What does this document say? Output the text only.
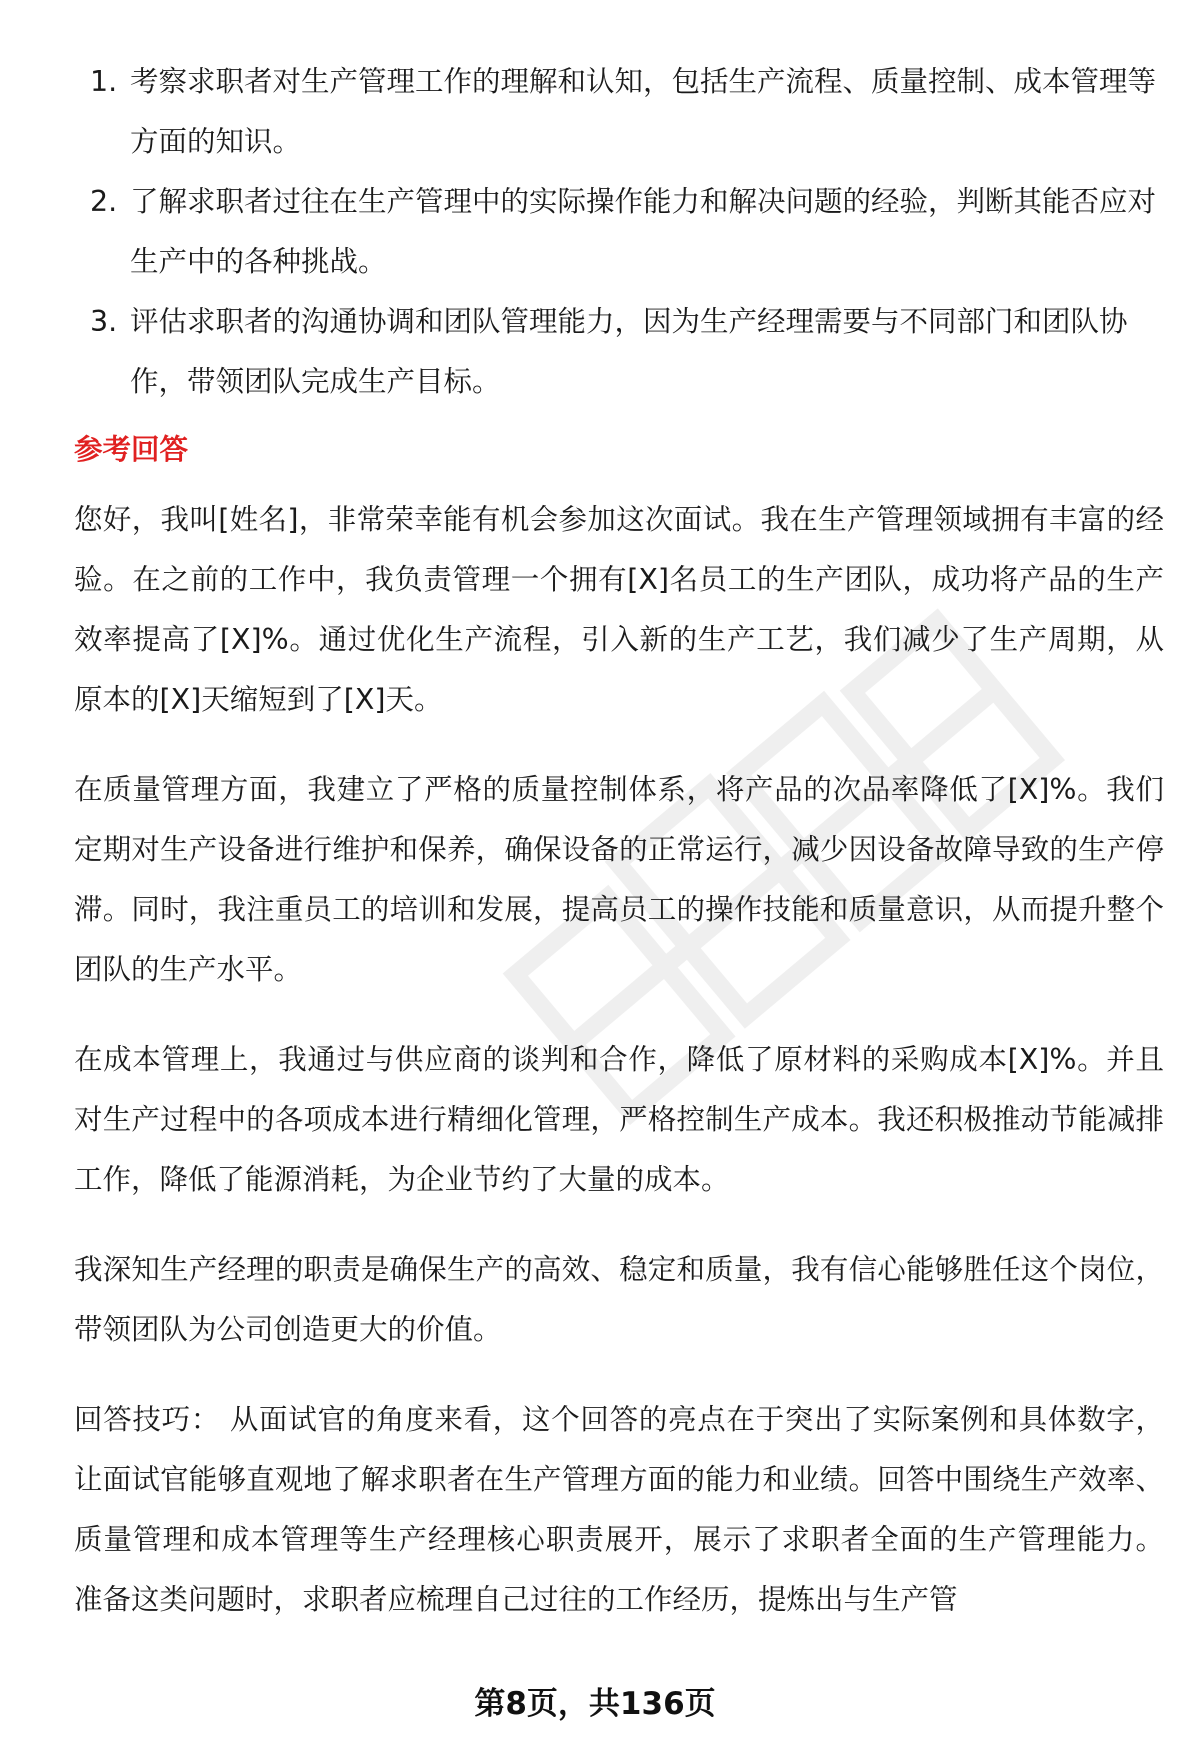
1. 考察求职者对生产管理工作的理解和认知，包括生产流程、质量控制、成本管理等方面的知识。
2. 了解求职者过往在生产管理中的实际操作能力和解决问题的经验，判断其能否应对生产中的各种挑战。
3. 评估求职者的沟通协调和团队管理能力，因为生产经理需要与不同部门和团队协作，带领团队完成生产目标。
参考回答

您好，我叫[姓名]，非常荣幸能有机会参加这次面试。我在生产管理领域拥有丰富的经验。在之前的工作中，我负责管理一个拥有[X]名员工的生产团队，成功将产品的生产效率提高了[X]%。通过优化生产流程，引入新的生产工艺，我们减少了生产周期，从原本的[X]天缩短到了[X]天。

在质量管理方面，我建立了严格的质量控制体系，将产品的次品率降低了[X]%。我们定期对生产设备进行维护和保养，确保设备的正常运行，减少因设备故障导致的生产停滞。同时，我注重员工的培训和发展，提高员工的操作技能和质量意识，从而提升整个团队的生产水平。

在成本管理上，我通过与供应商的谈判和合作，降低了原材料的采购成本[X]%。并且对生产过程中的各项成本进行精细化管理，严格控制生产成本。我还积极推动节能减排工作，降低了能源消耗，为企业节约了大量的成本。

我深知生产经理的职责是确保生产的高效、稳定和质量，我有信心能够胜任这个岗位，带领团队为公司创造更大的价值。

回答技巧： 从面试官的角度来看，这个回答的亮点在于突出了实际案例和具体数字，让面试官能够直观地了解求职者在生产管理方面的能力和业绩。回答中围绕生产效率、质量管理和成本管理等生产经理核心职责展开，展示了求职者全面的生产管理能力。 准备这类问题时，求职者应梳理自己过往的工作经历，提炼出与生产管

第8页，共136页
